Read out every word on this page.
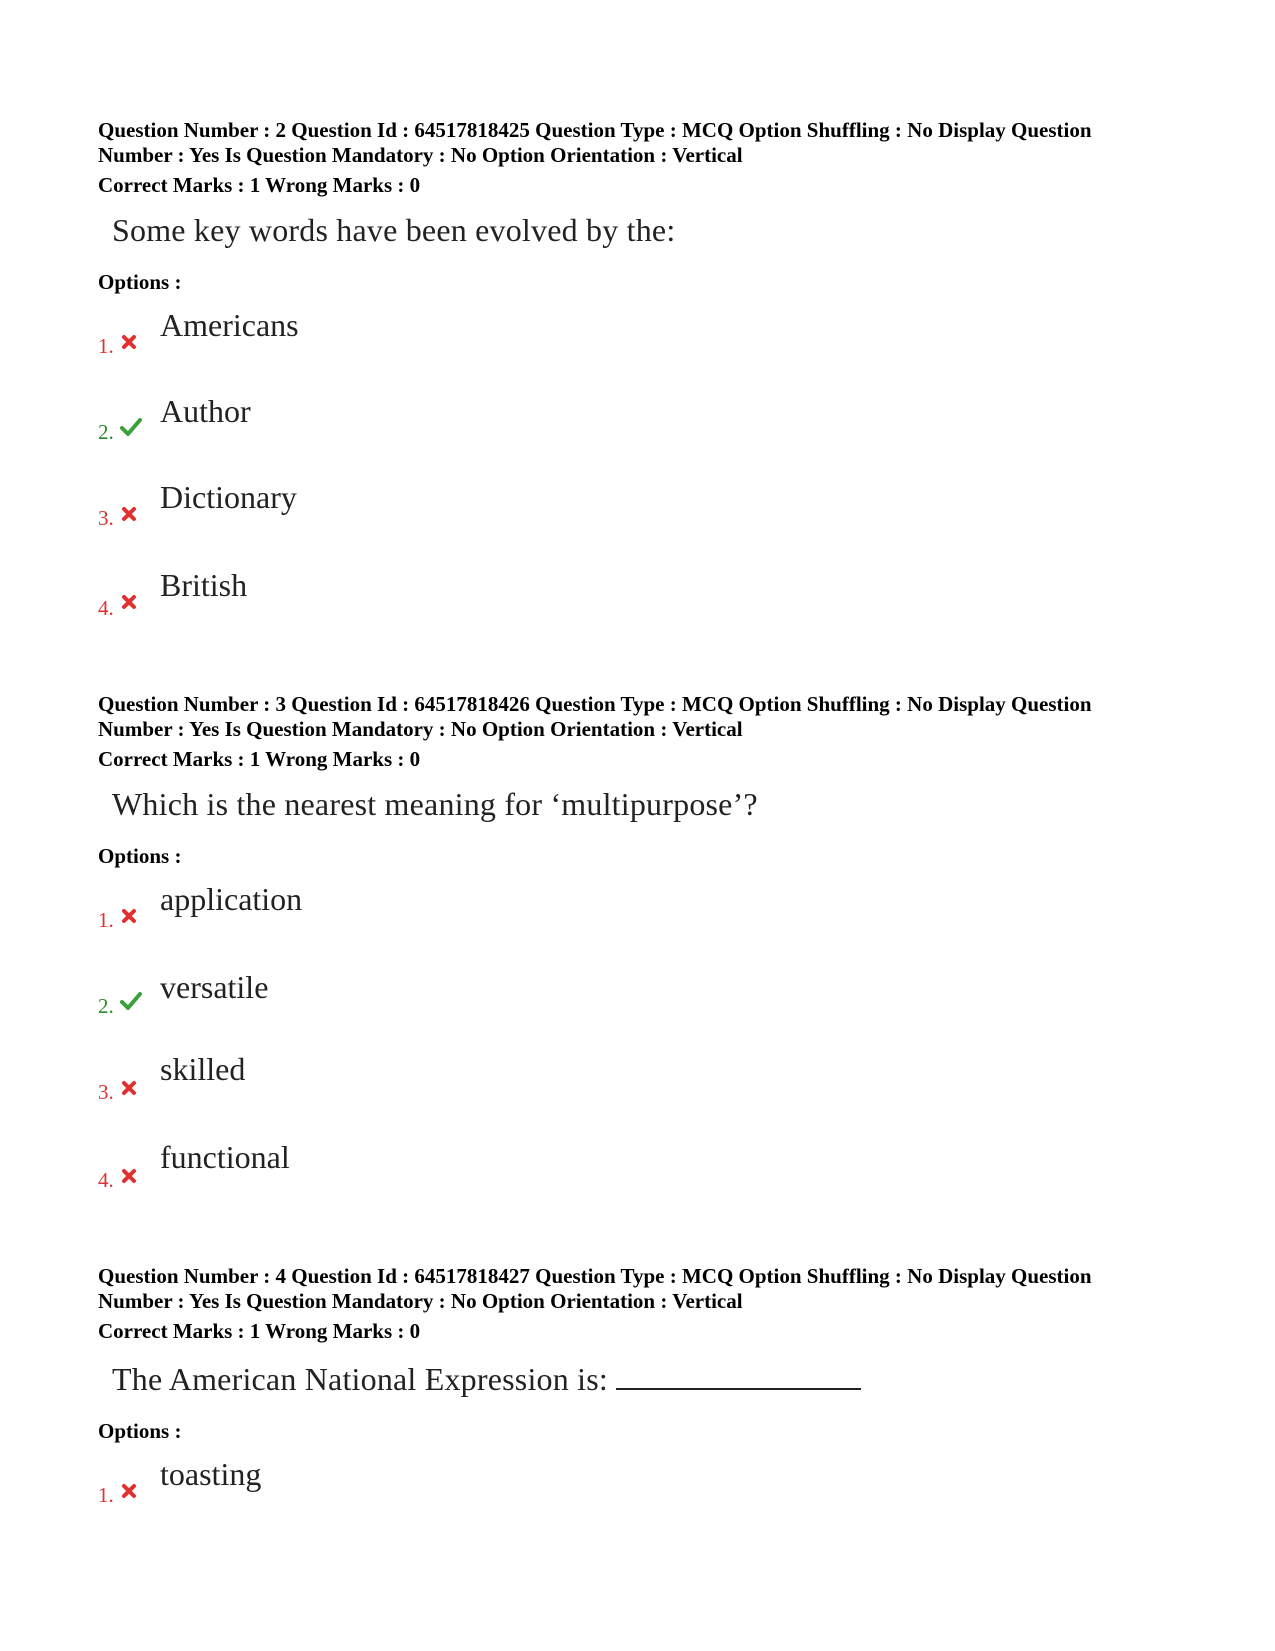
Question Number : 2 Question Id : 64517818425 Question Type : MCQ Option Shuffling : No Display Question

Number : Yes Is Question Mandatory : No Option Orientation : Vertical

Correct Marks : 1 Wrong Marks : 0

Some key words have been evolved by the:

Options :

Americans
1.
Author
2.
Dictionary
3.
British
4.

Question Number : 3 Question Id : 64517818426 Question Type : MCQ Option Shuffling : No Display Question

Number : Yes Is Question Mandatory : No Option Orientation : Vertical

Correct Marks : 1 Wrong Marks : 0

Which is the nearest meaning for ‘multipurpose’?

Options :

application
1.
versatile
2.
skilled
3.
functional
4.

Question Number : 4 Question Id : 64517818427 Question Type : MCQ Option Shuffling : No Display Question

Number : Yes Is Question Mandatory : No Option Orientation : Vertical

Correct Marks : 1 Wrong Marks : 0

The American National Expression is:

Options :

toasting
1.
